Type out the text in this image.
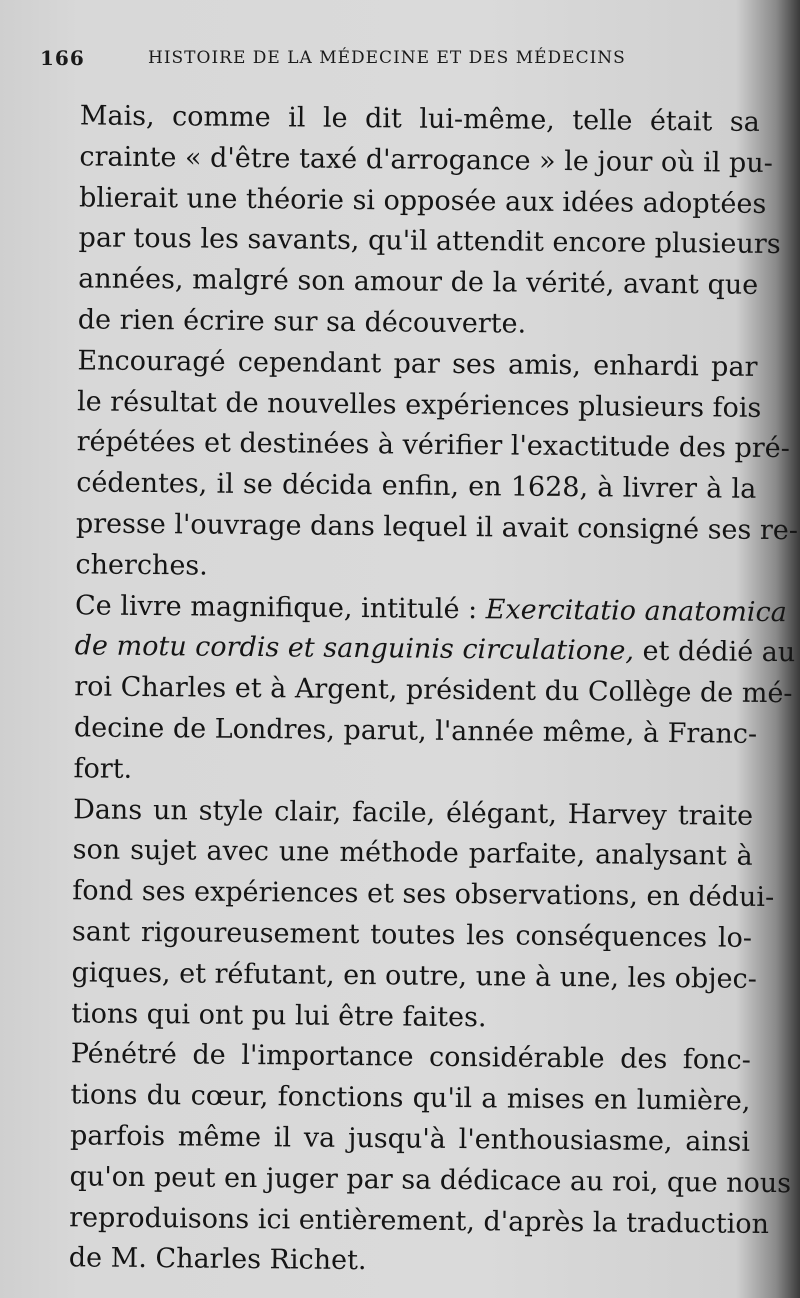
166	HISTOIRE DE LA MÉDECINE ET DES MÉDECINS

Mais, comme il le dit lui-même, telle était sa
crainte « d'être taxé d'arrogance » le jour où il pu-
blierait une théorie si opposée aux idées adoptées
par tous les savants, qu'il attendit encore plusieurs
années, malgré son amour de la vérité, avant que
de rien écrire sur sa découverte.

Encouragé cependant par ses amis, enhardi par
le résultat de nouvelles expériences plusieurs fois
répétées et destinées à vérifier l'exactitude des pré-
cédentes, il se décida enfin, en 1628, à livrer à la
presse l'ouvrage dans lequel il avait consigné ses re-
cherches.

Ce livre magnifique, intitulé : Exercitatio anatomica
de motu cordis et sanguinis circulatione, et dédié au
roi Charles et à Argent, président du Collège de mé-
decine de Londres, parut, l'année même, à Franc-
fort.

Dans un style clair, facile, élégant, Harvey traite
son sujet avec une méthode parfaite, analysant à
fond ses expériences et ses observations, en dédui-
sant rigoureusement toutes les conséquences lo-
giques, et réfutant, en outre, une à une, les objec-
tions qui ont pu lui être faites.

Pénétré de l'importance considérable des fonc-
tions du cœur, fonctions qu'il a mises en lumière,
parfois même il va jusqu'à l'enthousiasme, ainsi
qu'on peut en juger par sa dédicace au roi, que nous
reproduisons ici entièrement, d'après la traduction
de M. Charles Richet.
